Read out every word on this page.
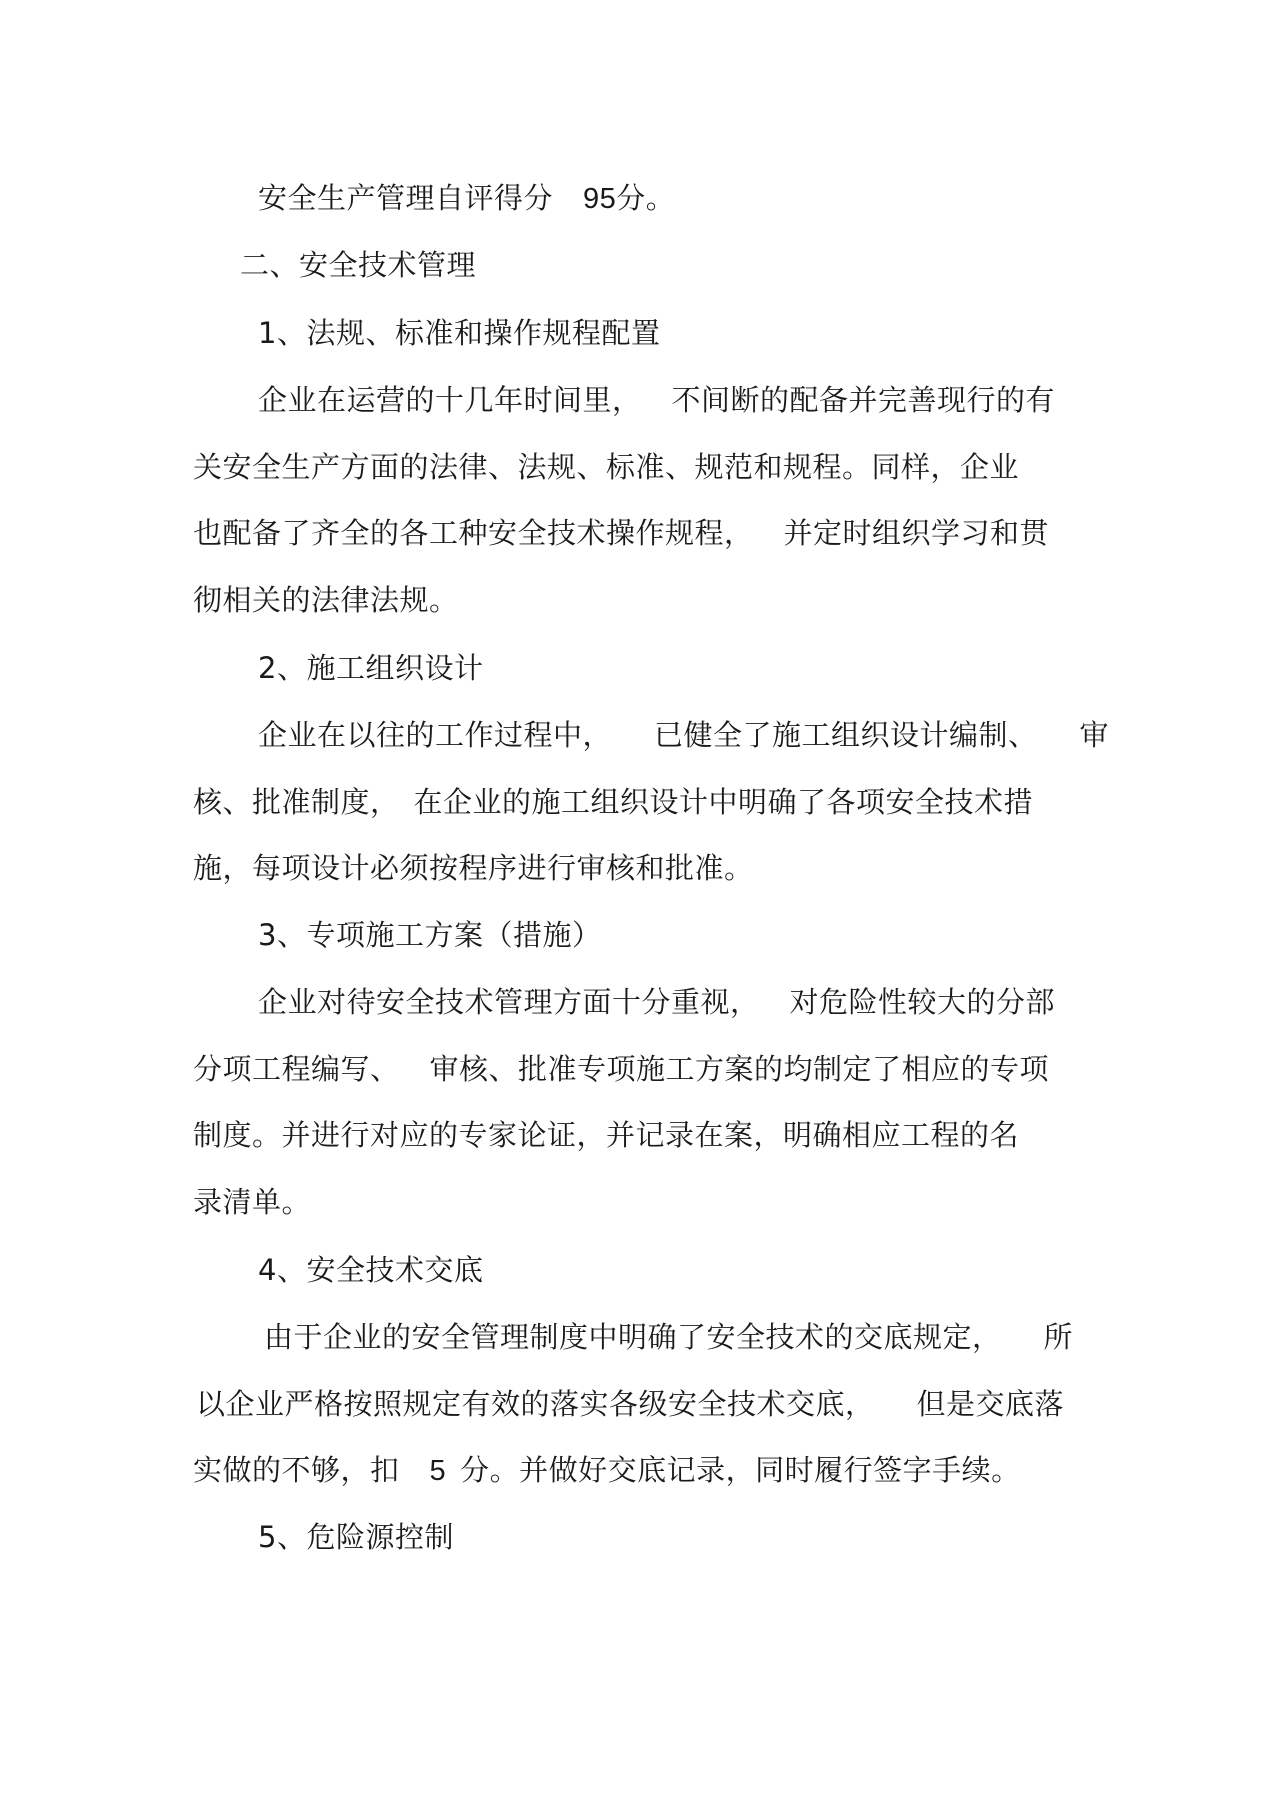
安全生产管理自评得分 95分。
二、安全技术管理
1、法规、标准和操作规程配置
企业在运营的十几年时间里， 不间断的配备并完善现行的有
关安全生产方面的法律、法规、标准、规范和规程。同样，企业
也配备了齐全的各工种安全技术操作规程， 并定时组织学习和贯
彻相关的法律法规。
2、施工组织设计
企业在以往的工作过程中， 已健全了施工组织设计编制、 审
核、批准制度， 在企业的施工组织设计中明确了各项安全技术措
施，每项设计必须按程序进行审核和批准。
3、专项施工方案（措施）
企业对待安全技术管理方面十分重视， 对危险性较大的分部
分项工程编写、 审核、批准专项施工方案的均制定了相应的专项
制度。并进行对应的专家论证，并记录在案，明确相应工程的名
录清单。
4、安全技术交底
由于企业的安全管理制度中明确了安全技术的交底规定， 所
以企业严格按照规定有效的落实各级安全技术交底， 但是交底落
实做的不够，扣 5 分。并做好交底记录，同时履行签字手续。
5、危险源控制
